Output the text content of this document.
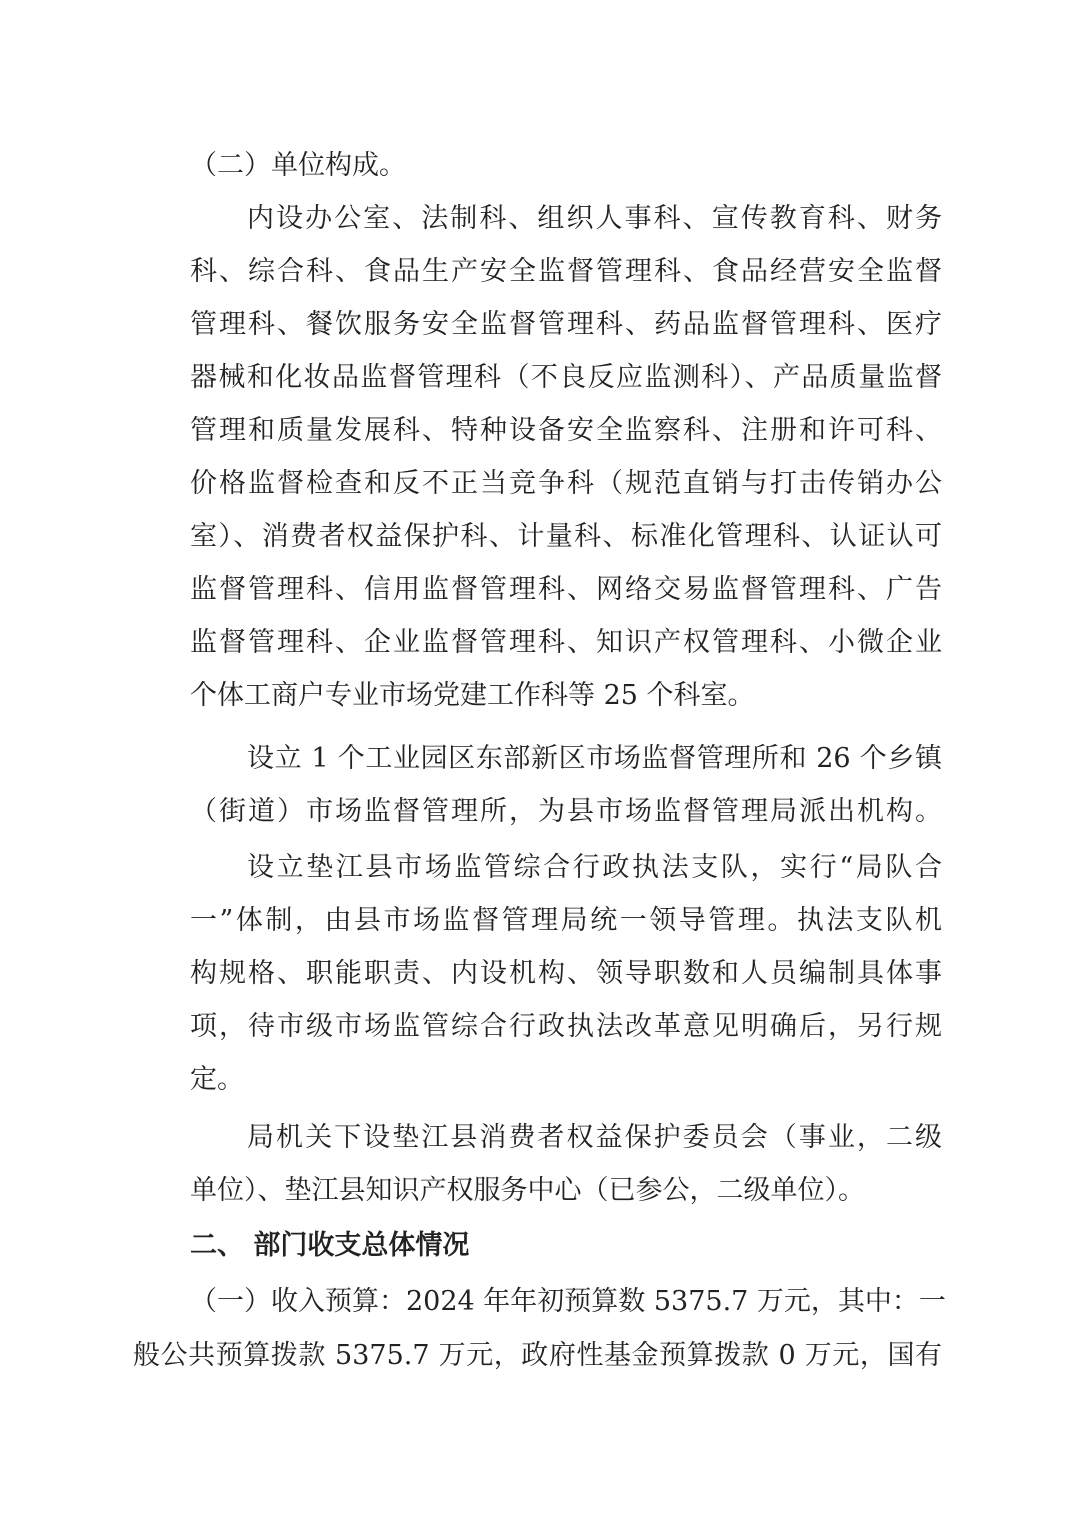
（二）单位构成。
内设办公室、法制科、组织人事科、宣传教育科、财务
科、综合科、食品生产安全监督管理科、食品经营安全监督
管理科、餐饮服务安全监督管理科、药品监督管理科、医疗
器械和化妆品监督管理科（不良反应监测科）、产品质量监督
管理和质量发展科、特种设备安全监察科、注册和许可科、
价格监督检查和反不正当竞争科（规范直销与打击传销办公
室）、消费者权益保护科、计量科、标准化管理科、认证认可
监督管理科、信用监督管理科、网络交易监督管理科、广告
监督管理科、企业监督管理科、知识产权管理科、小微企业
个体工商户专业市场党建工作科等 25 个科室。
设立 1 个工业园区东部新区市场监督管理所和 26 个乡镇
（街道）市场监督管理所，为县市场监督管理局派出机构。
设立垫江县市场监管综合行政执法支队，实行“局队合
一”体制，由县市场监督管理局统一领导管理。执法支队机
构规格、职能职责、内设机构、领导职数和人员编制具体事
项，待市级市场监管综合行政执法改革意见明确后，另行规
定。
局机关下设垫江县消费者权益保护委员会（事业，二级
单位）、垫江县知识产权服务中心（已参公，二级单位）。
二、 部门收支总体情况
（一）收入预算：2024 年年初预算数 5375.7 万元，其中：一
般公共预算拨款 5375.7 万元，政府性基金预算拨款 0 万元，国有
